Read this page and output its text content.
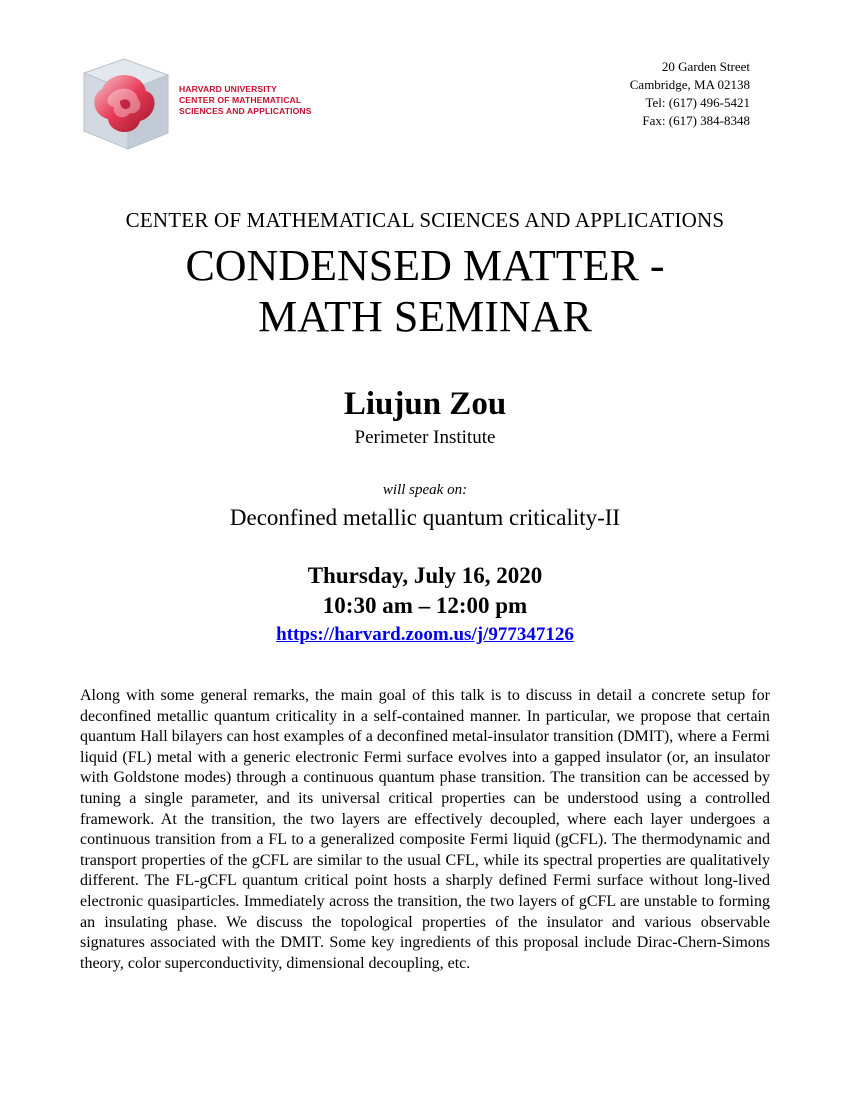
HARVARD UNIVERSITY
CENTER OF MATHEMATICAL
SCIENCES AND APPLICATIONS
20 Garden Street
Cambridge, MA 02138
Tel: (617) 496-5421
Fax: (617) 384-8348
CENTER OF MATHEMATICAL SCIENCES AND APPLICATIONS
CONDENSED MATTER -
MATH SEMINAR
Liujun Zou
Perimeter Institute
will speak on:
Deconfined metallic quantum criticality-II
Thursday, July 16, 2020
10:30 am – 12:00 pm
https://harvard.zoom.us/j/977347126
Along with some general remarks, the main goal of this talk is to discuss in detail a concrete setup for deconfined metallic quantum criticality in a self-contained manner. In particular, we propose that certain quantum Hall bilayers can host examples of a deconfined metal-insulator transition (DMIT), where a Fermi liquid (FL) metal with a generic electronic Fermi surface evolves into a gapped insulator (or, an insulator with Goldstone modes) through a continuous quantum phase transition. The transition can be accessed by tuning a single parameter, and its universal critical properties can be understood using a controlled framework. At the transition, the two layers are effectively decoupled, where each layer undergoes a continuous transition from a FL to a generalized composite Fermi liquid (gCFL). The thermodynamic and transport properties of the gCFL are similar to the usual CFL, while its spectral properties are qualitatively different. The FL-gCFL quantum critical point hosts a sharply defined Fermi surface without long-lived electronic quasiparticles. Immediately across the transition, the two layers of gCFL are unstable to forming an insulating phase. We discuss the topological properties of the insulator and various observable signatures associated with the DMIT. Some key ingredients of this proposal include Dirac-Chern-Simons theory, color superconductivity, dimensional decoupling, etc.
